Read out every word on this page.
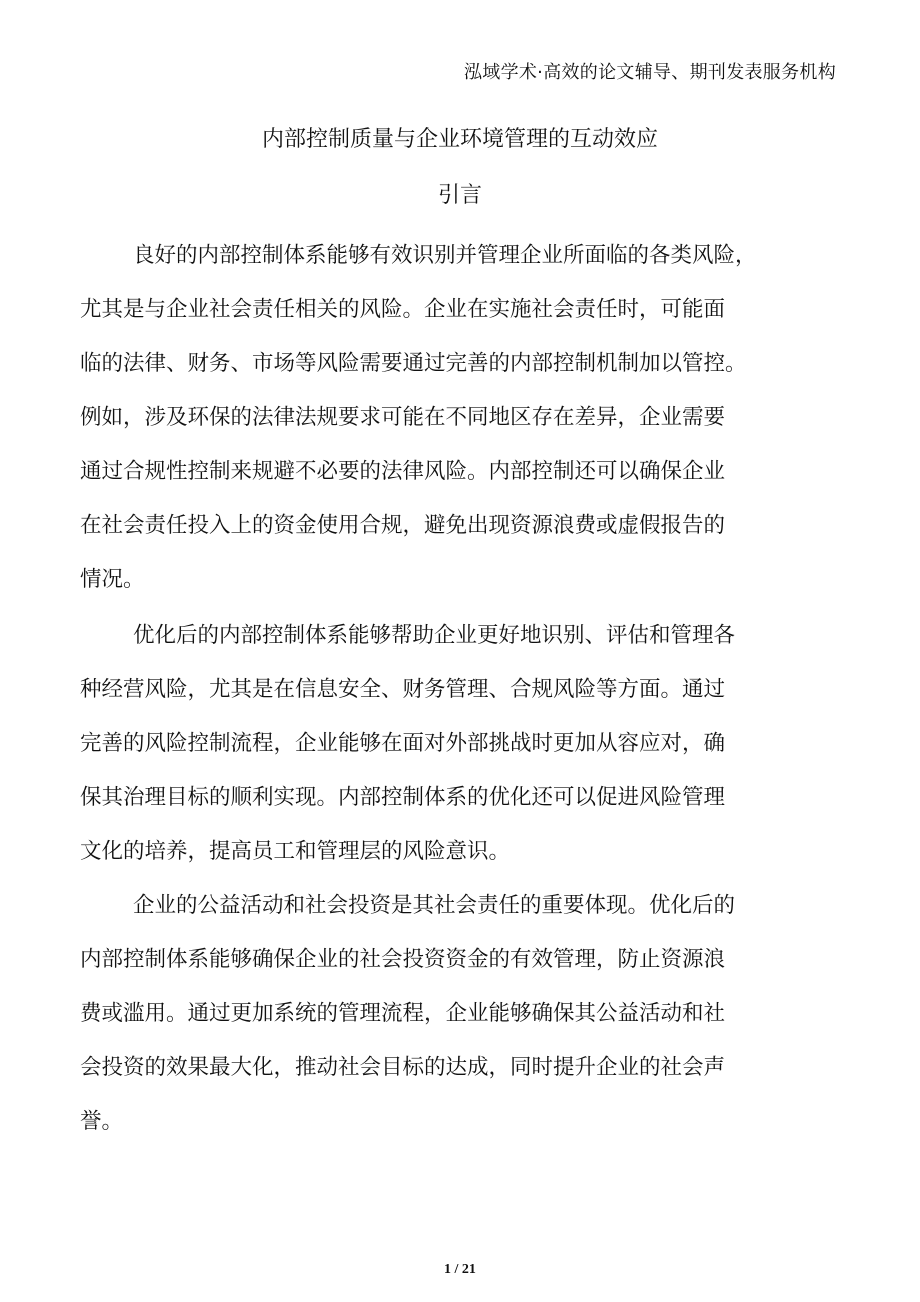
泓域学术·高效的论文辅导、期刊发表服务机构
内部控制质量与企业环境管理的互动效应
引言
良好的内部控制体系能够有效识别并管理企业所面临的各类风险，
尤其是与企业社会责任相关的风险。企业在实施社会责任时，可能面
临的法律、财务、市场等风险需要通过完善的内部控制机制加以管控。
例如，涉及环保的法律法规要求可能在不同地区存在差异，企业需要
通过合规性控制来规避不必要的法律风险。内部控制还可以确保企业
在社会责任投入上的资金使用合规，避免出现资源浪费或虚假报告的
情况。
优化后的内部控制体系能够帮助企业更好地识别、评估和管理各
种经营风险，尤其是在信息安全、财务管理、合规风险等方面。通过
完善的风险控制流程，企业能够在面对外部挑战时更加从容应对，确
保其治理目标的顺利实现。内部控制体系的优化还可以促进风险管理
文化的培养，提高员工和管理层的风险意识。
企业的公益活动和社会投资是其社会责任的重要体现。优化后的
内部控制体系能够确保企业的社会投资资金的有效管理，防止资源浪
费或滥用。通过更加系统的管理流程，企业能够确保其公益活动和社
会投资的效果最大化，推动社会目标的达成，同时提升企业的社会声
誉。
1 / 21
